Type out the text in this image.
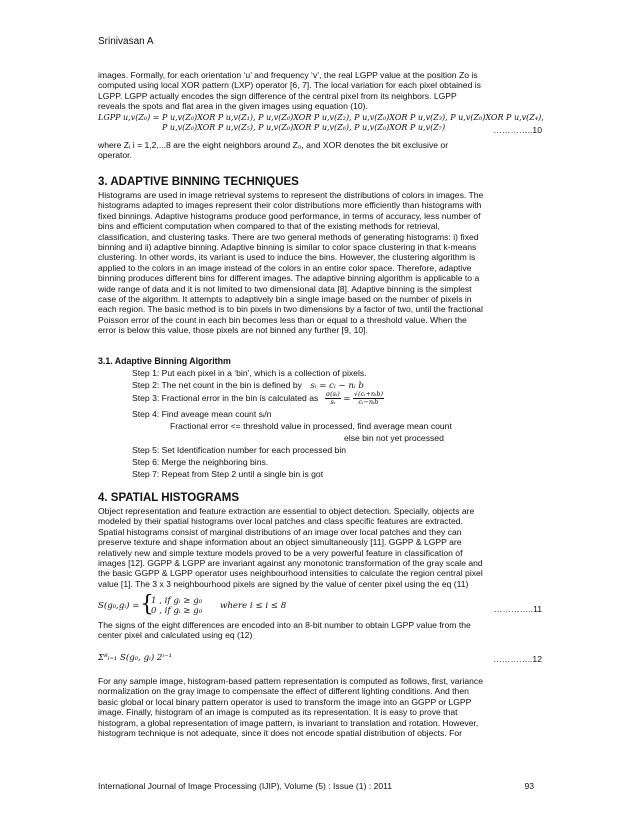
Srinivasan A
images. Formally, for each orientation ‘u’ and frequency ‘v’, the real LGPP value at the position Zo is
computed using local XOR pattern (LXP) operator [6, 7]. The local variation for each pixel obtained is
LGPP. LGPP actually encodes the sign difference of the central pixel from its neighbors. LGPP
reveals the spots and flat area in the given images using equation (10).
LGPP u,v(Z₀) = P u,v(Z₀)XOR P u,v(Z₁), P u,v(Z₀)XOR P u,v(Z₂), P u,v(Z₀)XOR P u,v(Z₃), P u,v(Z₀)XOR P u,v(Z₄),
P u,v(Z₀)XOR P u,v(Z₅), P u,v(Z₀)XOR P u,v(Z₆), P u,v(Z₀)XOR P u,v(Z₇)	…………..10
where Zᵢ i = 1,2,...8 are the eight neighbors around Z₀, and XOR denotes the bit exclusive or
operator.
3. ADAPTIVE BINNING TECHNIQUES
Histograms are used in image retrieval systems to represent the distributions of colors in images. The
histograms adapted to images represent their color distributions more efficiently than histograms with
fixed binnings. Adaptive histograms produce good performance, in terms of accuracy, less number of
bins and efficient computation when compared to that of the existing methods for retrieval,
classification, and clustering tasks. There are two general methods of generating histograms: i) fixed
binning and ii) adaptive binning. Adaptive binning is similar to color space clustering in that k-means
clustering. In other words, its variant is used to induce the bins. However, the clustering algorithm is
applied to the colors in an image instead of the colors in an entire color space. Therefore, adaptive
binning produces different bins for different images. The adaptive binning algorithm is applicable to a
wide range of data and it is not limited to two dimensional data [8]. Adaptive binning is the simplest
case of the algorithm. It attempts to adaptively bin a single image based on the number of pixels in
each region. The basic method is to bin pixels in two dimensions by a factor of two, until the fractional
Poisson error of the count in each bin becomes less than or equal to a threshold value. When the
error is below this value, those pixels are not binned any further [9, 10].
3.1. Adaptive Binning Algorithm
Step 1: Put each pixel in a ‘bin’, which is a collection of pixels.
Step 2: The net count in the bin is defined by sᵢ = cᵢ − nᵢ b
Step 3: Fractional error in the bin is calculated as $\frac{\text{σ(sᵢ)}}{\text{sᵢ}} = \frac{\text{√(cᵢ+nᵢb)}}{\text{cᵢ−nᵢb}}$
Step 4: Find aveage mean count sᵢ/n
Fractional error <= threshold value in processed, find average mean count
else bin not yet processed
Step 5: Set Identification number for each processed bin
Step 6: Merge the neighboring bins.
Step 7: Repeat from Step 2 until a single bin is got
4. SPATIAL HISTOGRAMS
Object representation and feature extraction are essential to object detection. Specially, objects are
modeled by their spatial histograms over local patches and class specific features are extracted.
Spatial histograms consist of marginal distributions of an image over local patches and they can
preserve texture and shape information about an object simultaneously [11]. GGPP & LGPP are
relatively new and simple texture models proved to be a very powerful feature in classification of
images [12]. GGPP & LGPP are invariant against any monotonic transformation of the gray scale and
the basic GGPP & LGPP operator uses neighbourhood intensities to calculate the region central pixel
value [1]. The 3 x 3 neighbourhood pixels are signed by the value of center pixel using the eq (11)
S(g₀,gᵢ) = {
1 , if gᵢ ≥ g₀
0 , if gᵢ ≥ g₀ where i ≤ i ≤ 8	…………..11
The signs of the eight differences are encoded into an 8-bit number to obtain LGPP value from the
center pixel and calculated using eq (12)
Σ⁸ᵢ₌₁ S(g₀, gᵢ) 2ⁱ⁻¹	…………..12
For any sample image, histogram-based pattern representation is computed as follows, first, variance
normalization on the gray image to compensate the effect of different lighting conditions. And then
basic global or local binary pattern operator is used to transform the image into an GGPP or LGPP
image. Finally, histogram of an image is computed as its representation. It is easy to prove that
histogram, a global representation of image pattern, is invariant to translation and rotation. However,
histogram technique is not adequate, since it does not encode spatial distribution of objects. For
International Journal of Image Processing (IJIP), Volume (5) : Issue (1) : 2011	93
